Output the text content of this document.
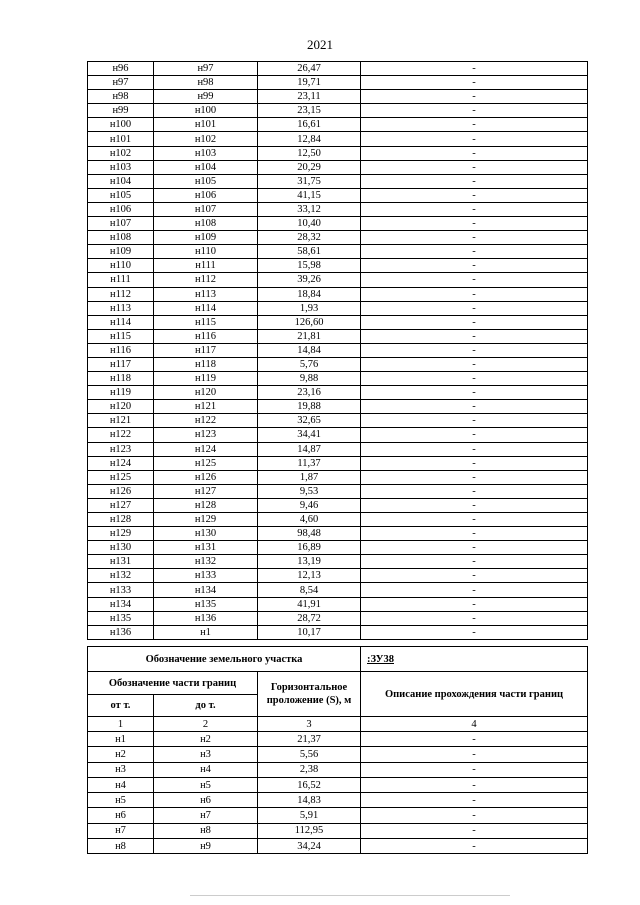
2021
н96	н97	26,47	-
н97	н98	19,71	-
н98	н99	23,11	-
н99	н100	23,15	-
н100	н101	16,61	-
н101	н102	12,84	-
н102	н103	12,50	-
н103	н104	20,29	-
н104	н105	31,75	-
н105	н106	41,15	-
н106	н107	33,12	-
н107	н108	10,40	-
н108	н109	28,32	-
н109	н110	58,61	-
н110	н111	15,98	-
н111	н112	39,26	-
н112	н113	18,84	-
н113	н114	1,93	-
н114	н115	126,60	-
н115	н116	21,81	-
н116	н117	14,84	-
н117	н118	5,76	-
н118	н119	9,88	-
н119	н120	23,16	-
н120	н121	19,88	-
н121	н122	32,65	-
н122	н123	34,41	-
н123	н124	14,87	-
н124	н125	11,37	-
н125	н126	1,87	-
н126	н127	9,53	-
н127	н128	9,46	-
н128	н129	4,60	-
н129	н130	98,48	-
н130	н131	16,89	-
н131	н132	13,19	-
н132	н133	12,13	-
н133	н134	8,54	-
н134	н135	41,91	-
н135	н136	28,72	-
н136	н1	10,17	-
Обозначение земельного участка			:ЗУ38
Обозначение части границ		Горизонтальное проложение (S), м	Описание прохождения части границ
от т.	до т.		
1	2	3	4
н1	н2	21,37	-
н2	н3	5,56	-
н3	н4	2,38	-
н4	н5	16,52	-
н5	н6	14,83	-
н6	н7	5,91	-
н7	н8	112,95	-
н8	н9	34,24	-
